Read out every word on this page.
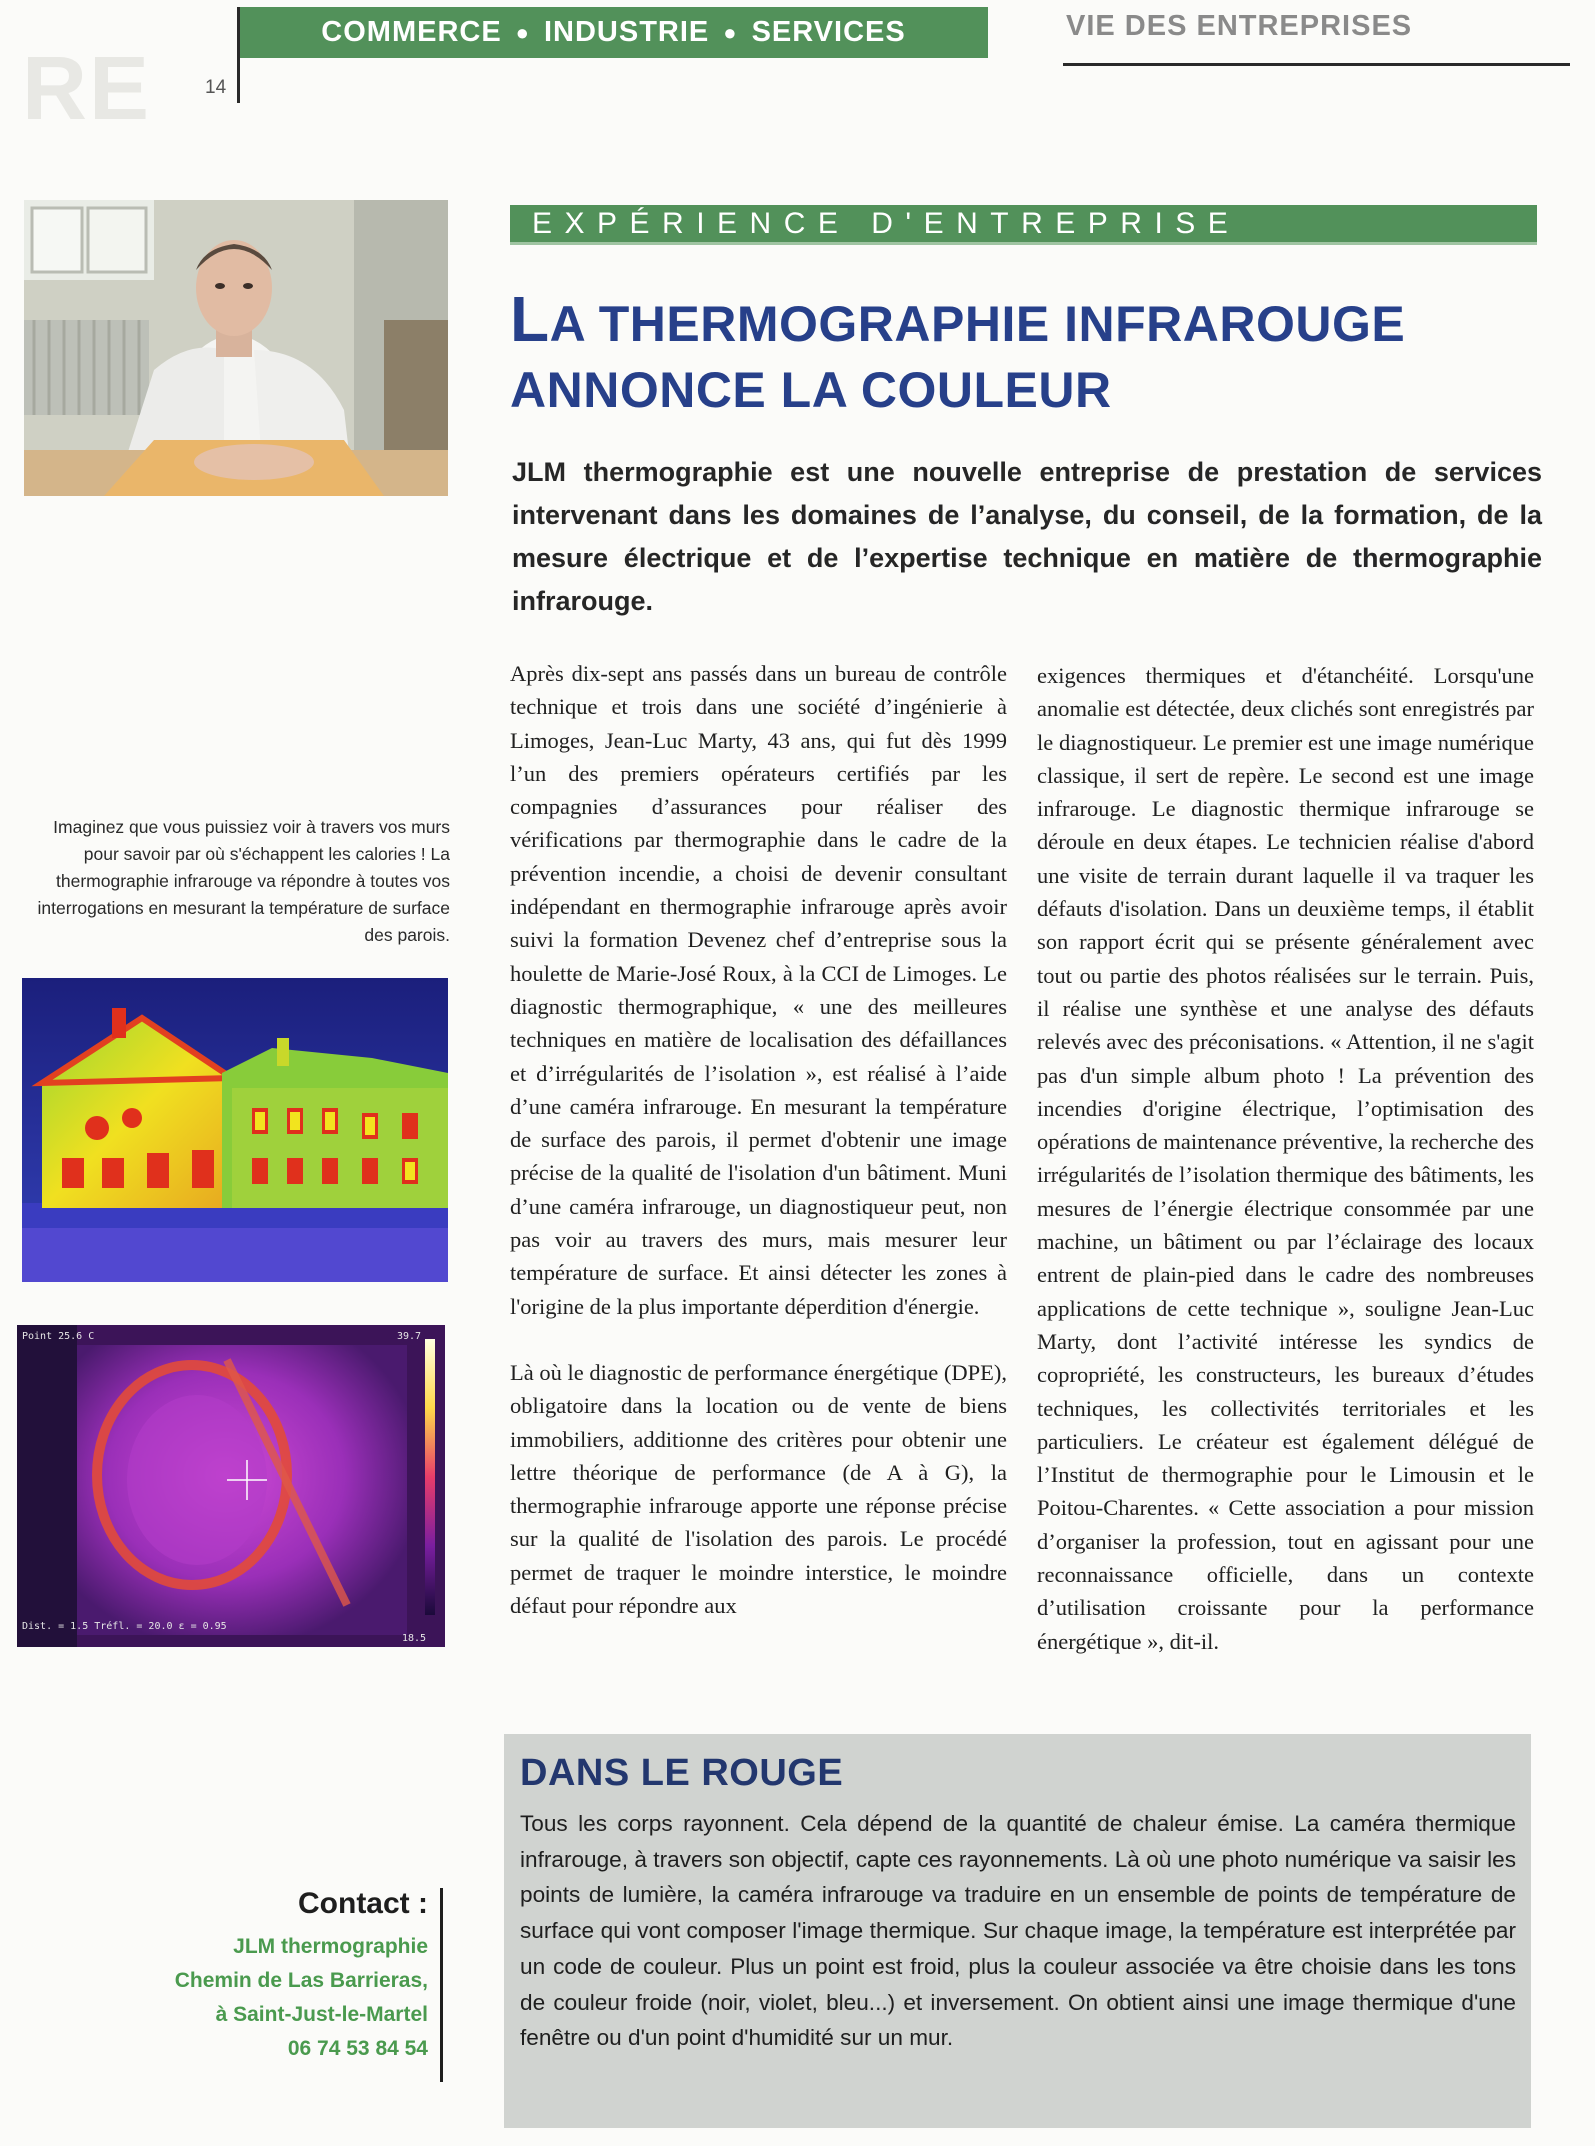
RE
COMMERCE ● INDUSTRIE ● SERVICES
14
VIE DES ENTREPRISES
Imaginez que vous puissiez voir à travers vos murs pour savoir par où s'échappent les calories ! La thermographie infrarouge va répondre à toutes vos interrogations en mesurant la température de surface des parois.
Point 25.6 C	39.7
18.5
Dist. = 1.5 Tréfl. = 20.0 ε = 0.95
EXPÉRIENCE D'ENTREPRISE
LA THERMOGRAPHIE INFRAROUGE
ANNONCE LA COULEUR
JLM thermographie est une nouvelle entreprise de prestation de services intervenant dans les domaines de l’analyse, du conseil, de la formation, de la mesure électrique et de l’expertise technique en matière de thermographie infrarouge.

Après dix-sept ans passés dans un bureau de contrôle technique et trois dans une société d’ingénierie à Limoges, Jean-Luc Marty, 43 ans, qui fut dès 1999 l’un des premiers opérateurs certifiés par les compagnies d’assurances pour réaliser des vérifications par thermographie dans le cadre de la prévention incendie, a choisi de devenir consultant indépendant en thermographie infrarouge après avoir suivi la formation Devenez chef d’entreprise sous la houlette de Marie-José Roux, à la CCI de Limoges. Le diagnostic thermographique, « une des meilleures techniques en matière de localisation des défaillances et d’irrégularités de l’isolation », est réalisé à l’aide d’une caméra infrarouge. En mesurant la température de surface des parois, il permet d'obtenir une image précise de la qualité de l'isolation d'un bâtiment. Muni d’une caméra infrarouge, un diagnostiqueur peut, non pas voir au travers des murs, mais mesurer leur température de surface. Et ainsi détecter les zones à l'origine de la plus importante déperdition d'énergie.

Là où le diagnostic de performance énergétique (DPE), obligatoire dans la location ou de vente de biens immobiliers, additionne des critères pour obtenir une lettre théorique de performance (de A à G), la thermographie infrarouge apporte une réponse précise sur la qualité de l'isolation des parois. Le procédé permet de traquer le moindre interstice, le moindre défaut pour répondre aux

exigences thermiques et d'étanchéité. Lorsqu'une anomalie est détectée, deux clichés sont enregistrés par le diagnostiqueur. Le premier est une image numérique classique, il sert de repère. Le second est une image infrarouge. Le diagnostic thermique infrarouge se déroule en deux étapes. Le technicien réalise d'abord une visite de terrain durant laquelle il va traquer les défauts d'isolation. Dans un deuxième temps, il établit son rapport écrit qui se présente généralement avec tout ou partie des photos réalisées sur le terrain. Puis, il réalise une synthèse et une analyse des défauts relevés avec des préconisations. « Attention, il ne s'agit pas d'un simple album photo ! La prévention des incendies d'origine électrique, l’optimisation des opérations de maintenance préventive, la recherche des irrégularités de l’isolation thermique des bâtiments, les mesures de l’énergie électrique consommée par une machine, un bâtiment ou par l’éclairage des locaux entrent de plain-pied dans le cadre des nombreuses applications de cette technique », souligne Jean-Luc Marty, dont l’activité intéresse les syndics de copropriété, les constructeurs, les bureaux d’études techniques, les collectivités territoriales et les particuliers. Le créateur est également délégué de l’Institut de thermographie pour le Limousin et le Poitou-Charentes. « Cette association a pour mission d’organiser la profession, tout en agissant pour une reconnaissance officielle, dans un contexte d’utilisation croissante pour la performance énergétique », dit-il.

DANS LE ROUGE
Tous les corps rayonnent. Cela dépend de la quantité de chaleur émise. La caméra thermique infrarouge, à travers son objectif, capte ces rayonnements. Là où une photo numérique va saisir les points de lumière, la caméra infrarouge va traduire en un ensemble de points de température de surface qui vont composer l'image thermique. Sur chaque image, la température est interprétée par un code de couleur. Plus un point est froid, plus la couleur associée va être choisie dans les tons de couleur froide (noir, violet, bleu...) et inversement. On obtient ainsi une image thermique d'une fenêtre ou d'un point d'humidité sur un mur.
Contact :
JLM thermographie
Chemin de Las Barrieras,
à Saint-Just-le-Martel
06 74 53 84 54
